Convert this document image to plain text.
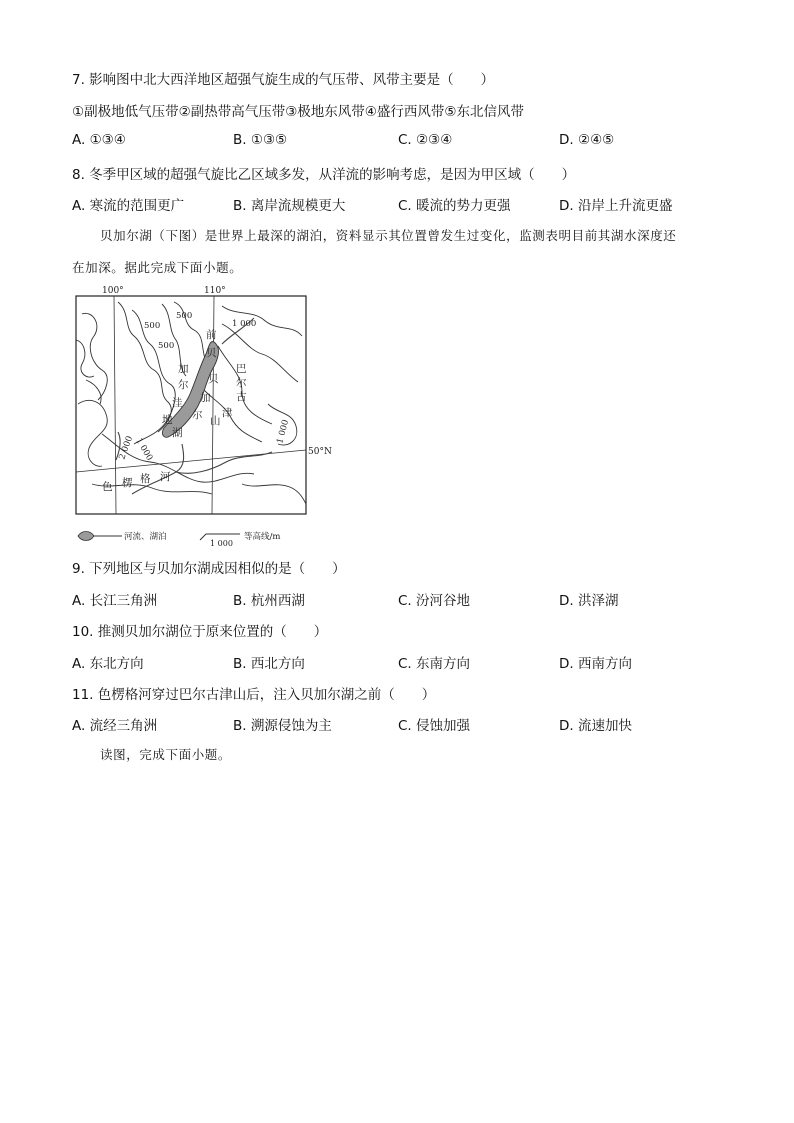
7. 影响图中北大西洋地区超强气旋生成的气压带、风带主要是（　　）
①副极地低气压带②副热带高气压带③极地东风带④盛行西风带⑤东北信风带
A. ①③④	B. ①③⑤	C. ②③④	D. ②④⑤
8. 冬季甲区域的超强气旋比乙区域多发，从洋流的影响考虑，是因为甲区域（　　）
A. 寒流的范围更广	B. 离岸流规模更大	C. 暖流的势力更强	D. 沿岸上升流更盛
贝加尔湖（下图）是世界上最深的湖泊，资料显示其位置曾发生过变化，监测表明目前其湖水深度还
在加深。据此完成下面小题。
100°	110°
50°N
500
500
500
1 000
1 000
2 000
1 000
前
贝
巴
尔
古
津
山
加
尔
洼
地
湖
贝
加
尔
色 楞 格 河
河流、湖泊
1 000
等高线/m
9. 下列地区与贝加尔湖成因相似的是（　　）
A. 长江三角洲	B. 杭州西湖	C. 汾河谷地	D. 洪泽湖
10. 推测贝加尔湖位于原来位置的（　　）
A. 东北方向	B. 西北方向	C. 东南方向	D. 西南方向
11. 色楞格河穿过巴尔古津山后，注入贝加尔湖之前（　　）
A. 流经三角洲	B. 溯源侵蚀为主	C. 侵蚀加强	D. 流速加快
读图，完成下面小题。
